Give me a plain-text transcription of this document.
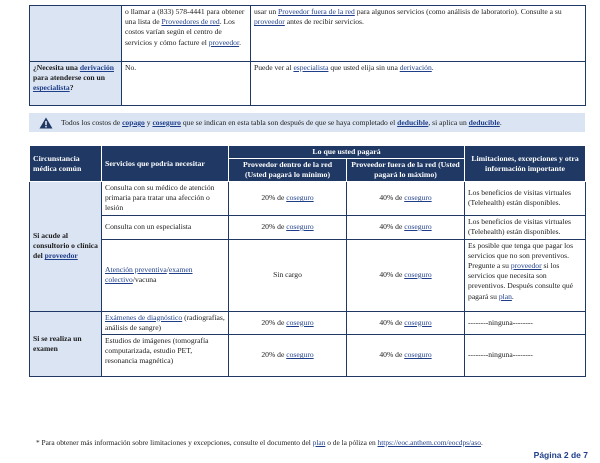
	o llamar a (833) 578-4441 para obtener una lista de Proveedores de red. Los costos varían según el centro de servicios y cómo facture el proveedor.	usar un Proveedor fuera de la red para algunos servicios (como análisis de laboratorio). Consulte a su proveedor antes de recibir servicios.
¿Necesita una derivación para atenderse con un especialista?	No.	Puede ver al especialista que usted elija sin una derivación.
Todos los costos de copago y coseguro que se indican en esta tabla son después de que se haya completado el deducible, si aplica un deducible.
Circunstancia médica común	Servicios que podría necesitar	Lo que usted pagará		Limitaciones, excepciones y otra información importante
		Proveedor dentro de la red (Usted pagará lo mínimo)	Proveedor fuera de la red (Usted pagará lo máximo)	
Si acude al consultorio o clínica del proveedor	Consulta con su médico de atención primaria para tratar una afección o lesión	20% de coseguro	40% de coseguro	Los beneficios de visitas virtuales (Telehealth) están disponibles.
	Consulta con un especialista	20% de coseguro	40% de coseguro	Los beneficios de visitas virtuales (Telehealth) están disponibles.
	Atención preventiva/examen colectivo/vacuna	Sin cargo	40% de coseguro	Es posible que tenga que pagar los servicios que no son preventivos. Pregunte a su proveedor si los servicios que necesita son preventivos. Después consulte qué pagará su plan.
Si se realiza un examen	Exámenes de diagnóstico (radiografías, análisis de sangre)	20% de coseguro	40% de coseguro	--------ninguna--------
	Estudios de imágenes (tomografía computarizada, estudio PET, resonancia magnética)	20% de coseguro	40% de coseguro	--------ninguna--------
* Para obtener más información sobre limitaciones y excepciones, consulte el documento del plan o de la póliza en https://eoc.anthem.com/eocdps/aso.
Página 2 de 7
